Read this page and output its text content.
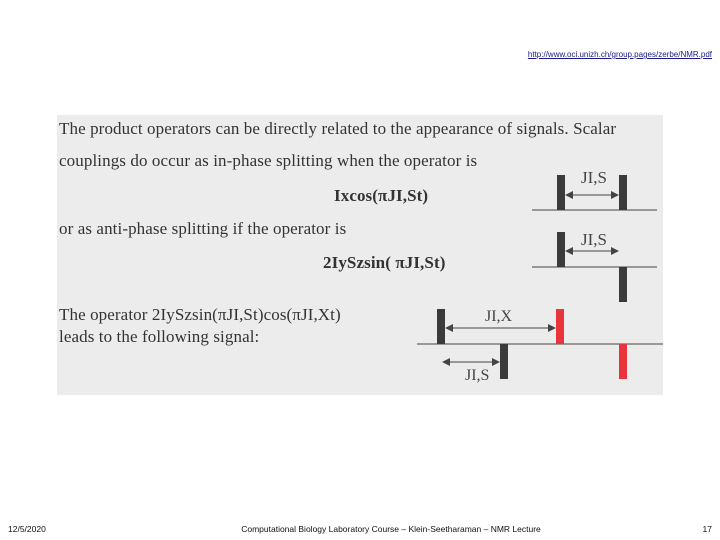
http://www.oci.unizh.ch/group.pages/zerbe/NMR.pdf
The product operators can be directly related to the appearance of signals. Scalar
couplings do occur as in-phase splitting when the operator is
Ixcos(πJI,St)
or as anti-phase splitting if the operator is
2IySzsin( πJI,St)
The operator 2IySzsin(πJI,St)cos(πJI,Xt)
leads to the following signal:
JI,S
JI,S
JI,X
JI,S
12/5/2020	Computational Biology Laboratory Course – Klein-Seetharaman – NMR Lecture	17
